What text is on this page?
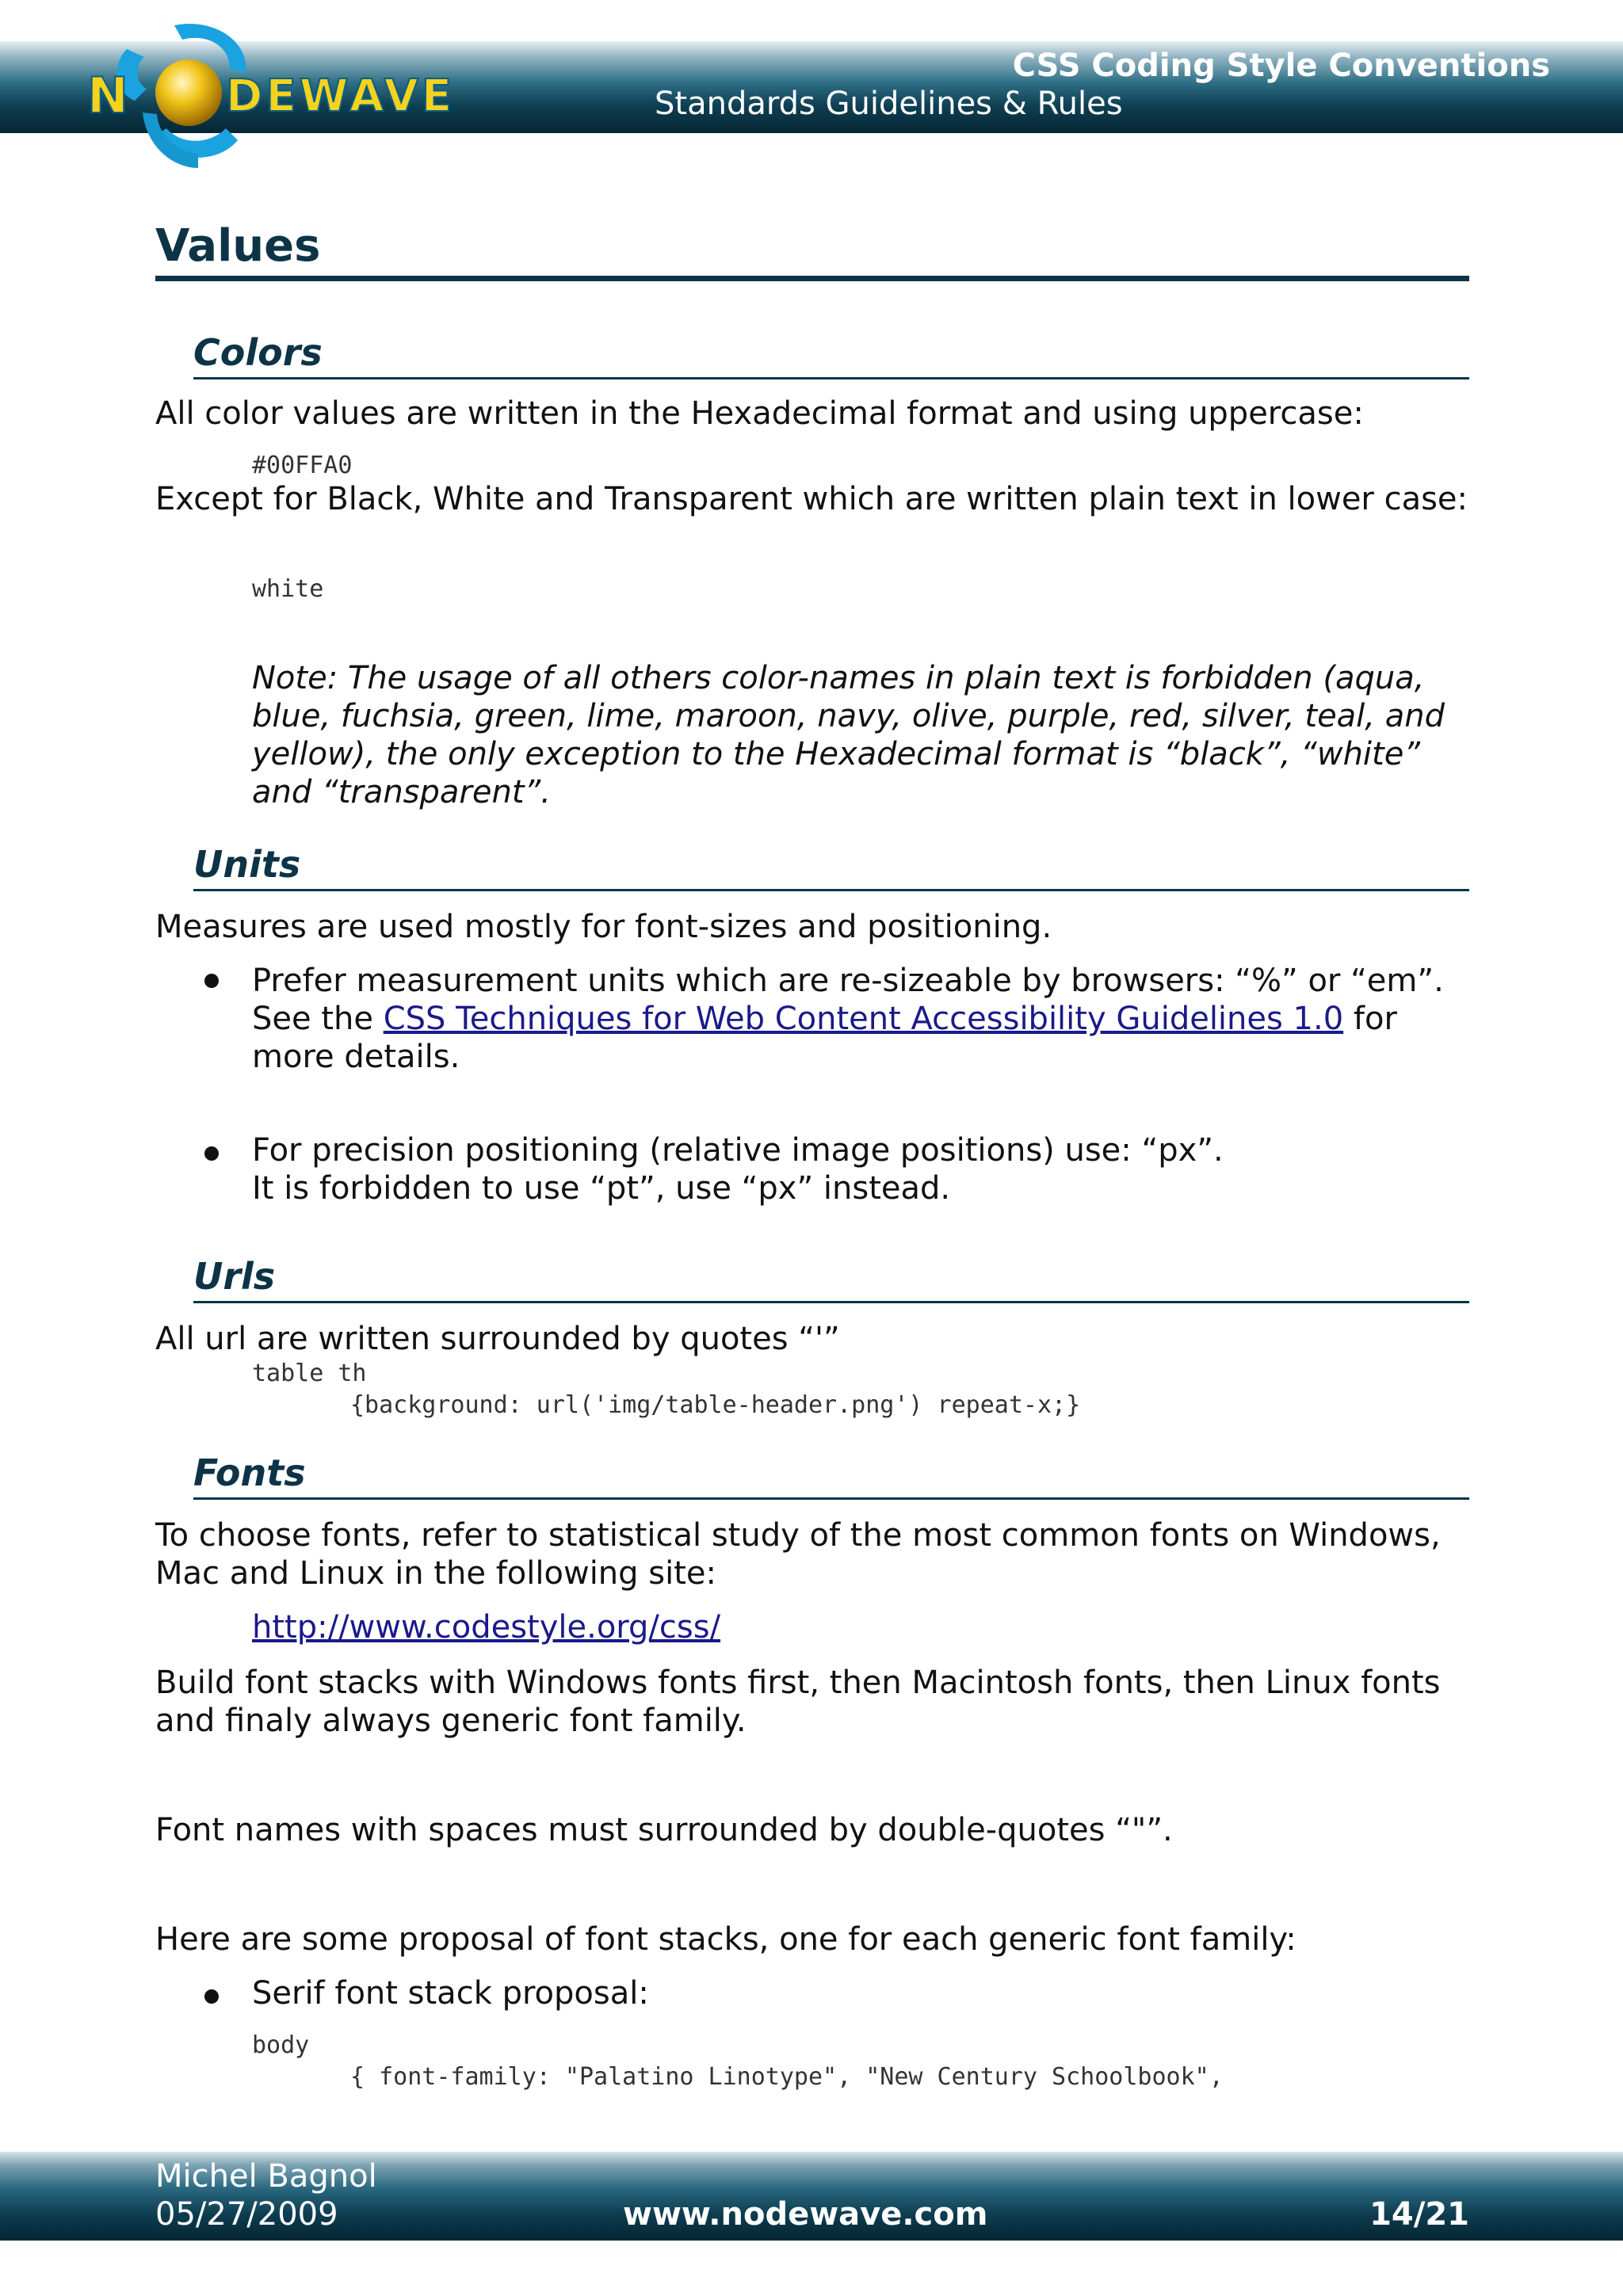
N DEWAVE
CSS Coding Style Conventions
Standards Guidelines & Rules
Values
Colors
All color values are written in the Hexadecimal format and using uppercase:
#00FFA0
Except for Black, White and Transparent which are written plain text in lower case:
white
Note: The usage of all others color-names in plain text is forbidden (aqua, blue, fuchsia, green, lime, maroon, navy, olive, purple, red, silver, teal, and yellow), the only exception to the Hexadecimal format is “black”, “white” and “transparent”.
Units
Measures are used mostly for font-sizes and positioning.
Prefer measurement units which are re-sizeable by browsers: “%” or “em”.
See the CSS Techniques for Web Content Accessibility Guidelines 1.0 for more details.
For precision positioning (relative image positions) use: “px”.
It is forbidden to use “pt”, use “px” instead.
Urls
All url are written surrounded by quotes “'”
table th
{background: url('img/table-header.png') repeat-x;}
Fonts
To choose fonts, refer to statistical study of the most common fonts on Windows, Mac and Linux in the following site:
http://www.codestyle.org/css/
Build font stacks with Windows fonts first, then Macintosh fonts, then Linux fonts and finaly always generic font family.
Font names with spaces must surrounded by double-quotes “"”.
Here are some proposal of font stacks, one for each generic font family:
Serif font stack proposal:
body
{ font-family: "Palatino Linotype", "New Century Schoolbook",
Michel Bagnol
05/27/2009	www.nodewave.com	14/21
